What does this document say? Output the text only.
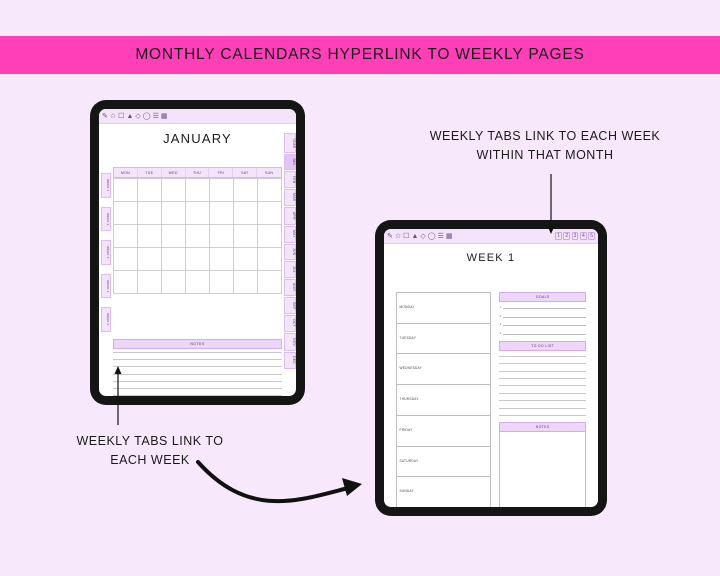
MONTHLY CALENDARS HYPERLINK TO WEEKLY PAGES
✎ ☆ ☐ ▲ ◇ ◯ ☰ ▦
JANUARY
WEEK 1
WEEK 2
WEEK 3
WEEK 4
WEEK 5
YEAR
JAN
FEB
MAR
APR
MAY
JUN
JUL
AUG
SEP
OCT
NOV
DEC
MON	TUE	WED	THU	FRI	SAT	SUN
NOTES
✎ ☆ ☐ ▲ ◇ ◯ ☰ ▦	1	2	3	4	5
WEEK 1
MONDAY
TUESDAY
WEDNESDAY
THURSDAY
FRIDAY
SATURDAY
SUNDAY
GOALS
1
2
3
4
TO DO LIST
NOTES
WEEKLY TABS LINK TO EACH WEEK WITHIN THAT MONTH
WEEKLY TABS LINK TO EACH WEEK
